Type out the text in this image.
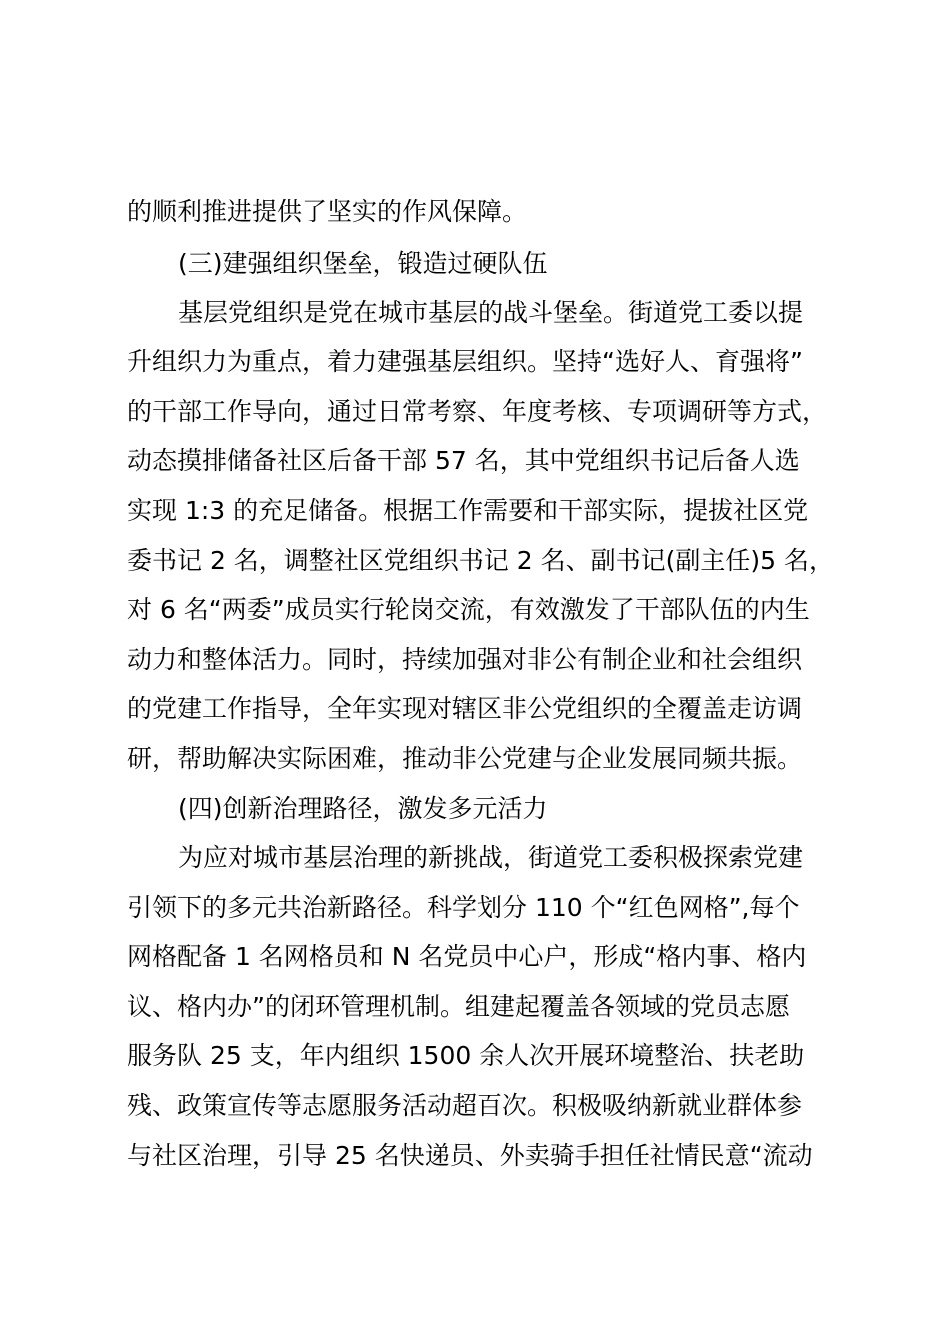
的顺利推进提供了坚实的作风保障。
(三)建强组织堡垒，锻造过硬队伍
基层党组织是党在城市基层的战斗堡垒。街道党工委以提
升组织力为重点，着力建强基层组织。坚持“选好人、育强将”
的干部工作导向，通过日常考察、年度考核、专项调研等方式，
动态摸排储备社区后备干部 57 名，其中党组织书记后备人选
实现 1:3 的充足储备。根据工作需要和干部实际，提拔社区党
委书记 2 名，调整社区党组织书记 2 名、副书记(副主任)5 名，
对 6 名“两委”成员实行轮岗交流，有效激发了干部队伍的内生
动力和整体活力。同时，持续加强对非公有制企业和社会组织
的党建工作指导，全年实现对辖区非公党组织的全覆盖走访调
研，帮助解决实际困难，推动非公党建与企业发展同频共振。
(四)创新治理路径，激发多元活力
为应对城市基层治理的新挑战，街道党工委积极探索党建
引领下的多元共治新路径。科学划分 110 个“红色网格”,每个
网格配备 1 名网格员和 N 名党员中心户，形成“格内事、格内
议、格内办”的闭环管理机制。组建起覆盖各领域的党员志愿
服务队 25 支，年内组织 1500 余人次开展环境整治、扶老助
残、政策宣传等志愿服务活动超百次。积极吸纳新就业群体参
与社区治理，引导 25 名快递员、外卖骑手担任社情民意“流动
